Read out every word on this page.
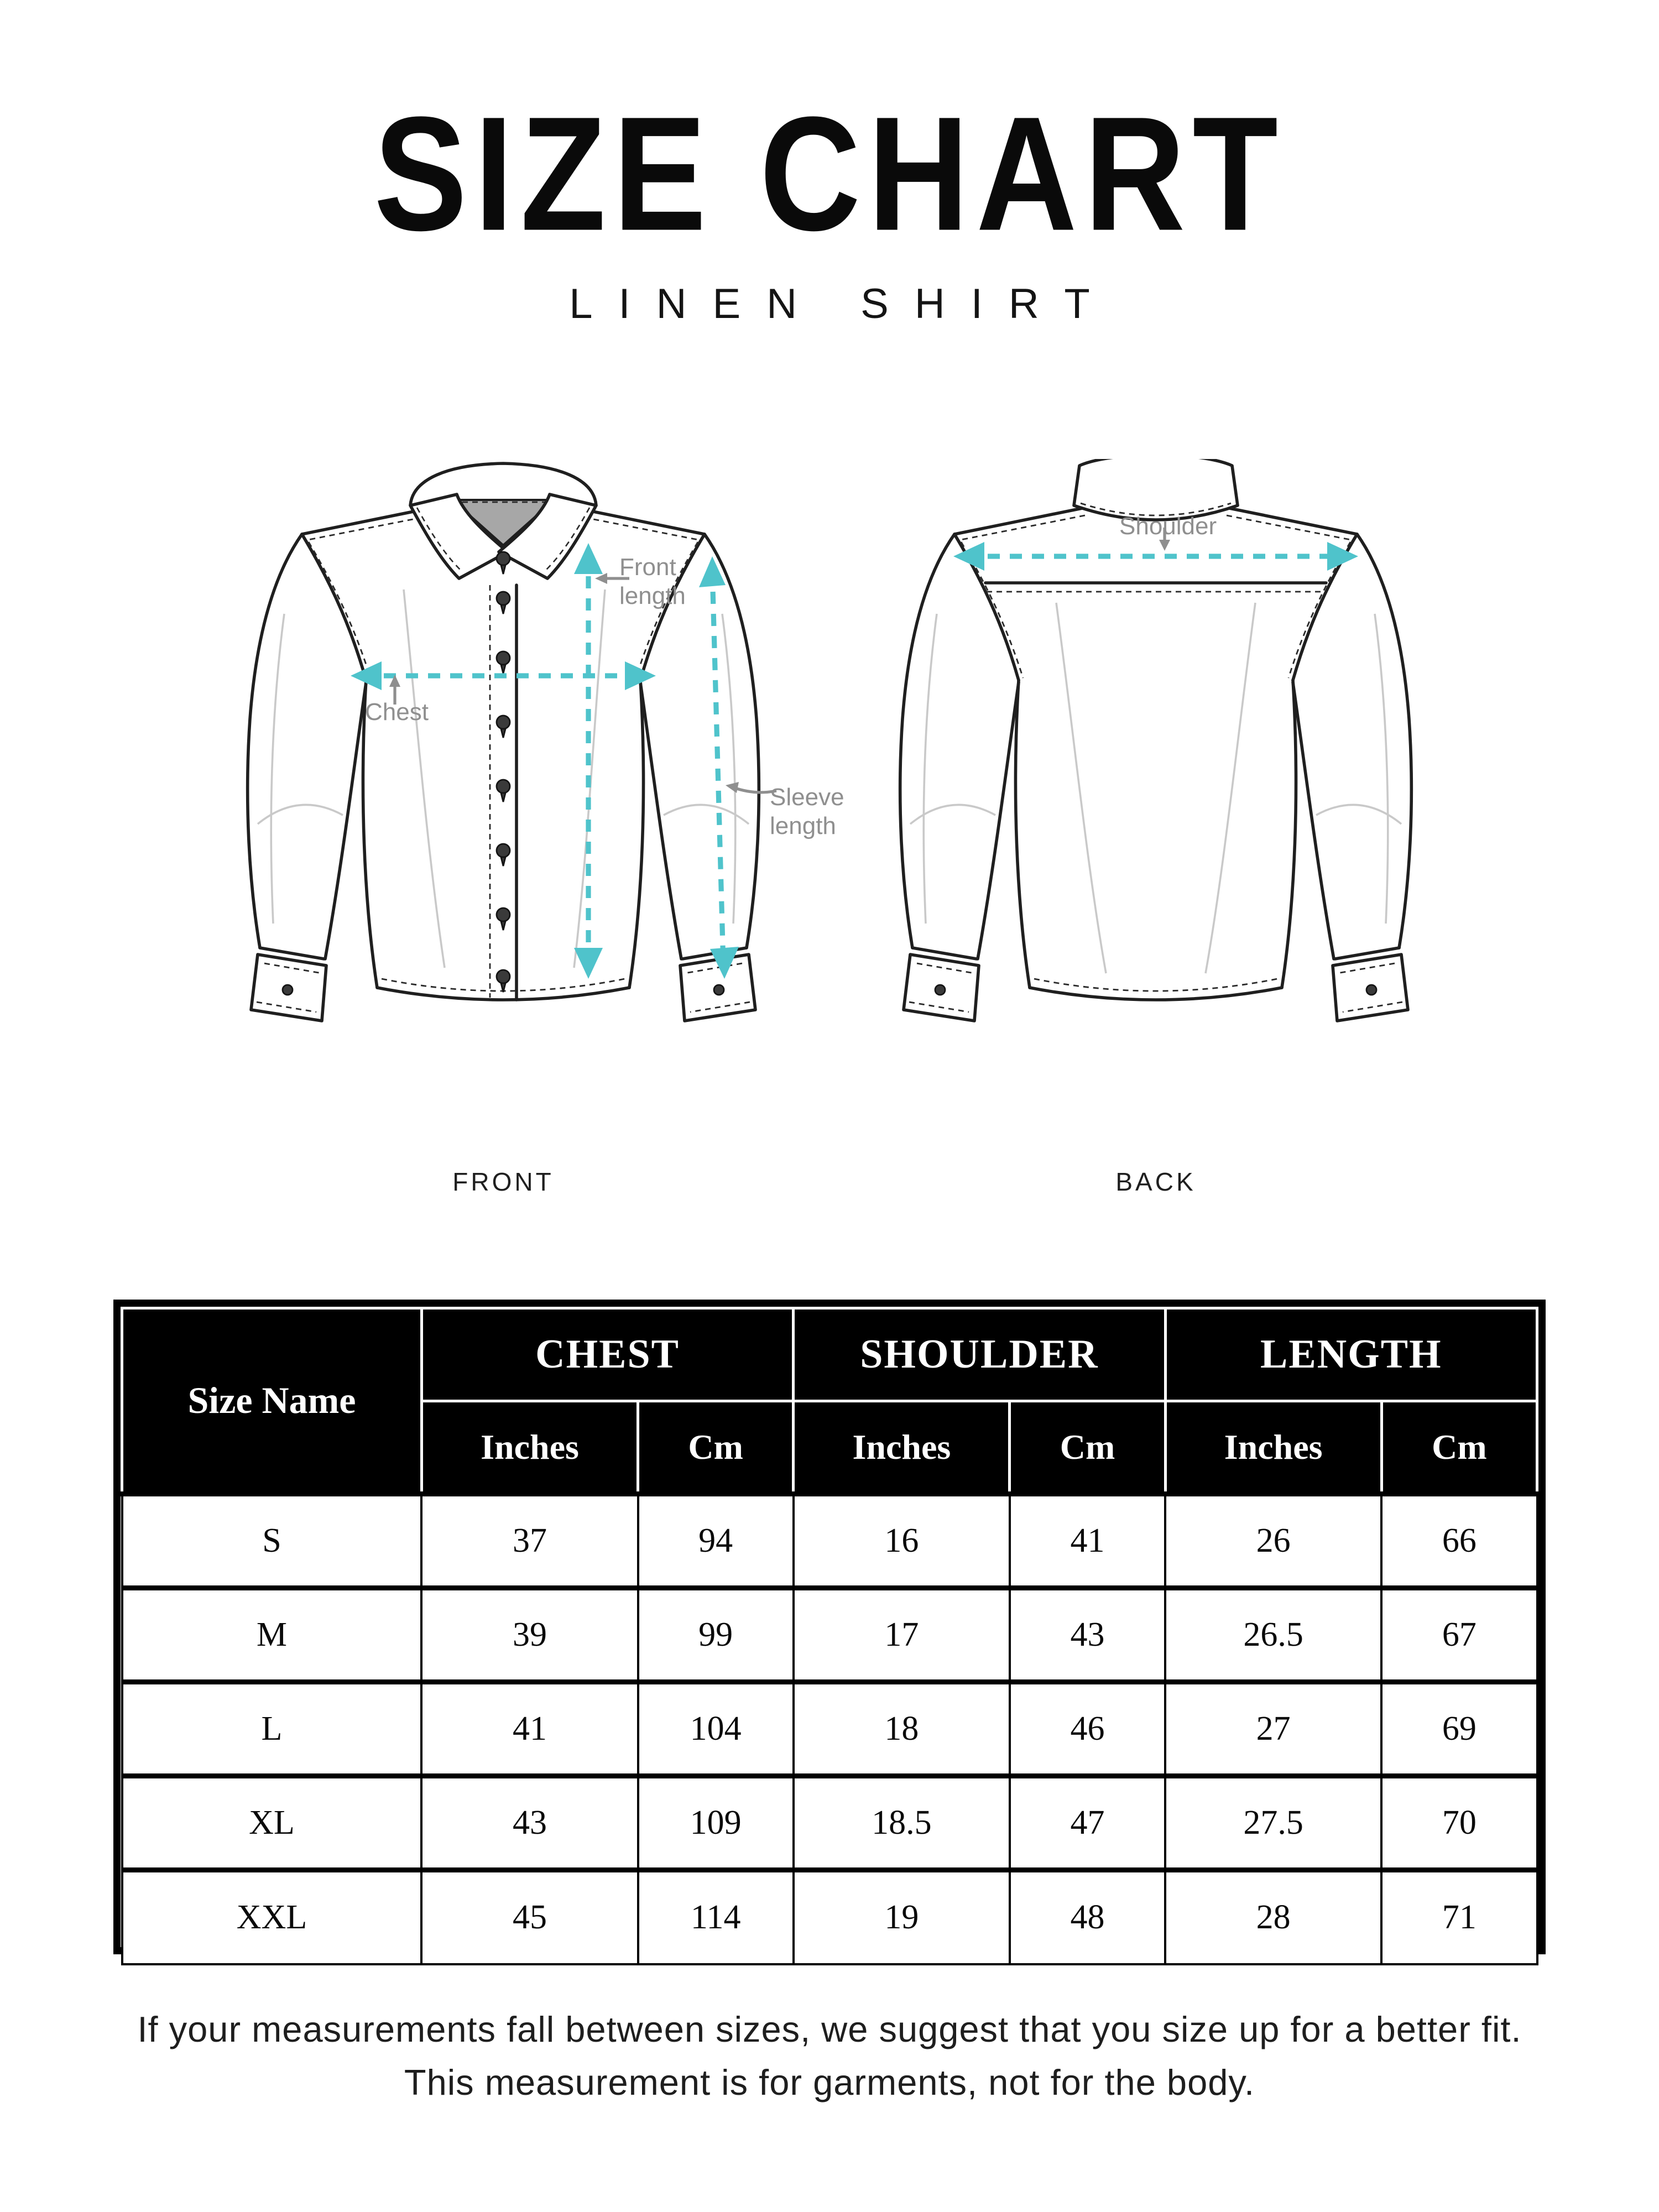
SIZE CHART
LINEN SHIRT
Front length
Chest
Sleeve length
Shoulder
FRONT	BACK
Size Name	CHEST		SHOULDER		LENGTH	
	Inches	Cm	Inches	Cm	Inches	Cm
S	37	94	16	41	26	66
M	39	99	17	43	26.5	67
L	41	104	18	46	27	69
XL	43	109	18.5	47	27.5	70
XXL	45	114	19	48	28	71
If your measurements fall between sizes, we suggest that you size up for a better fit.
This measurement is for garments, not for the body.
